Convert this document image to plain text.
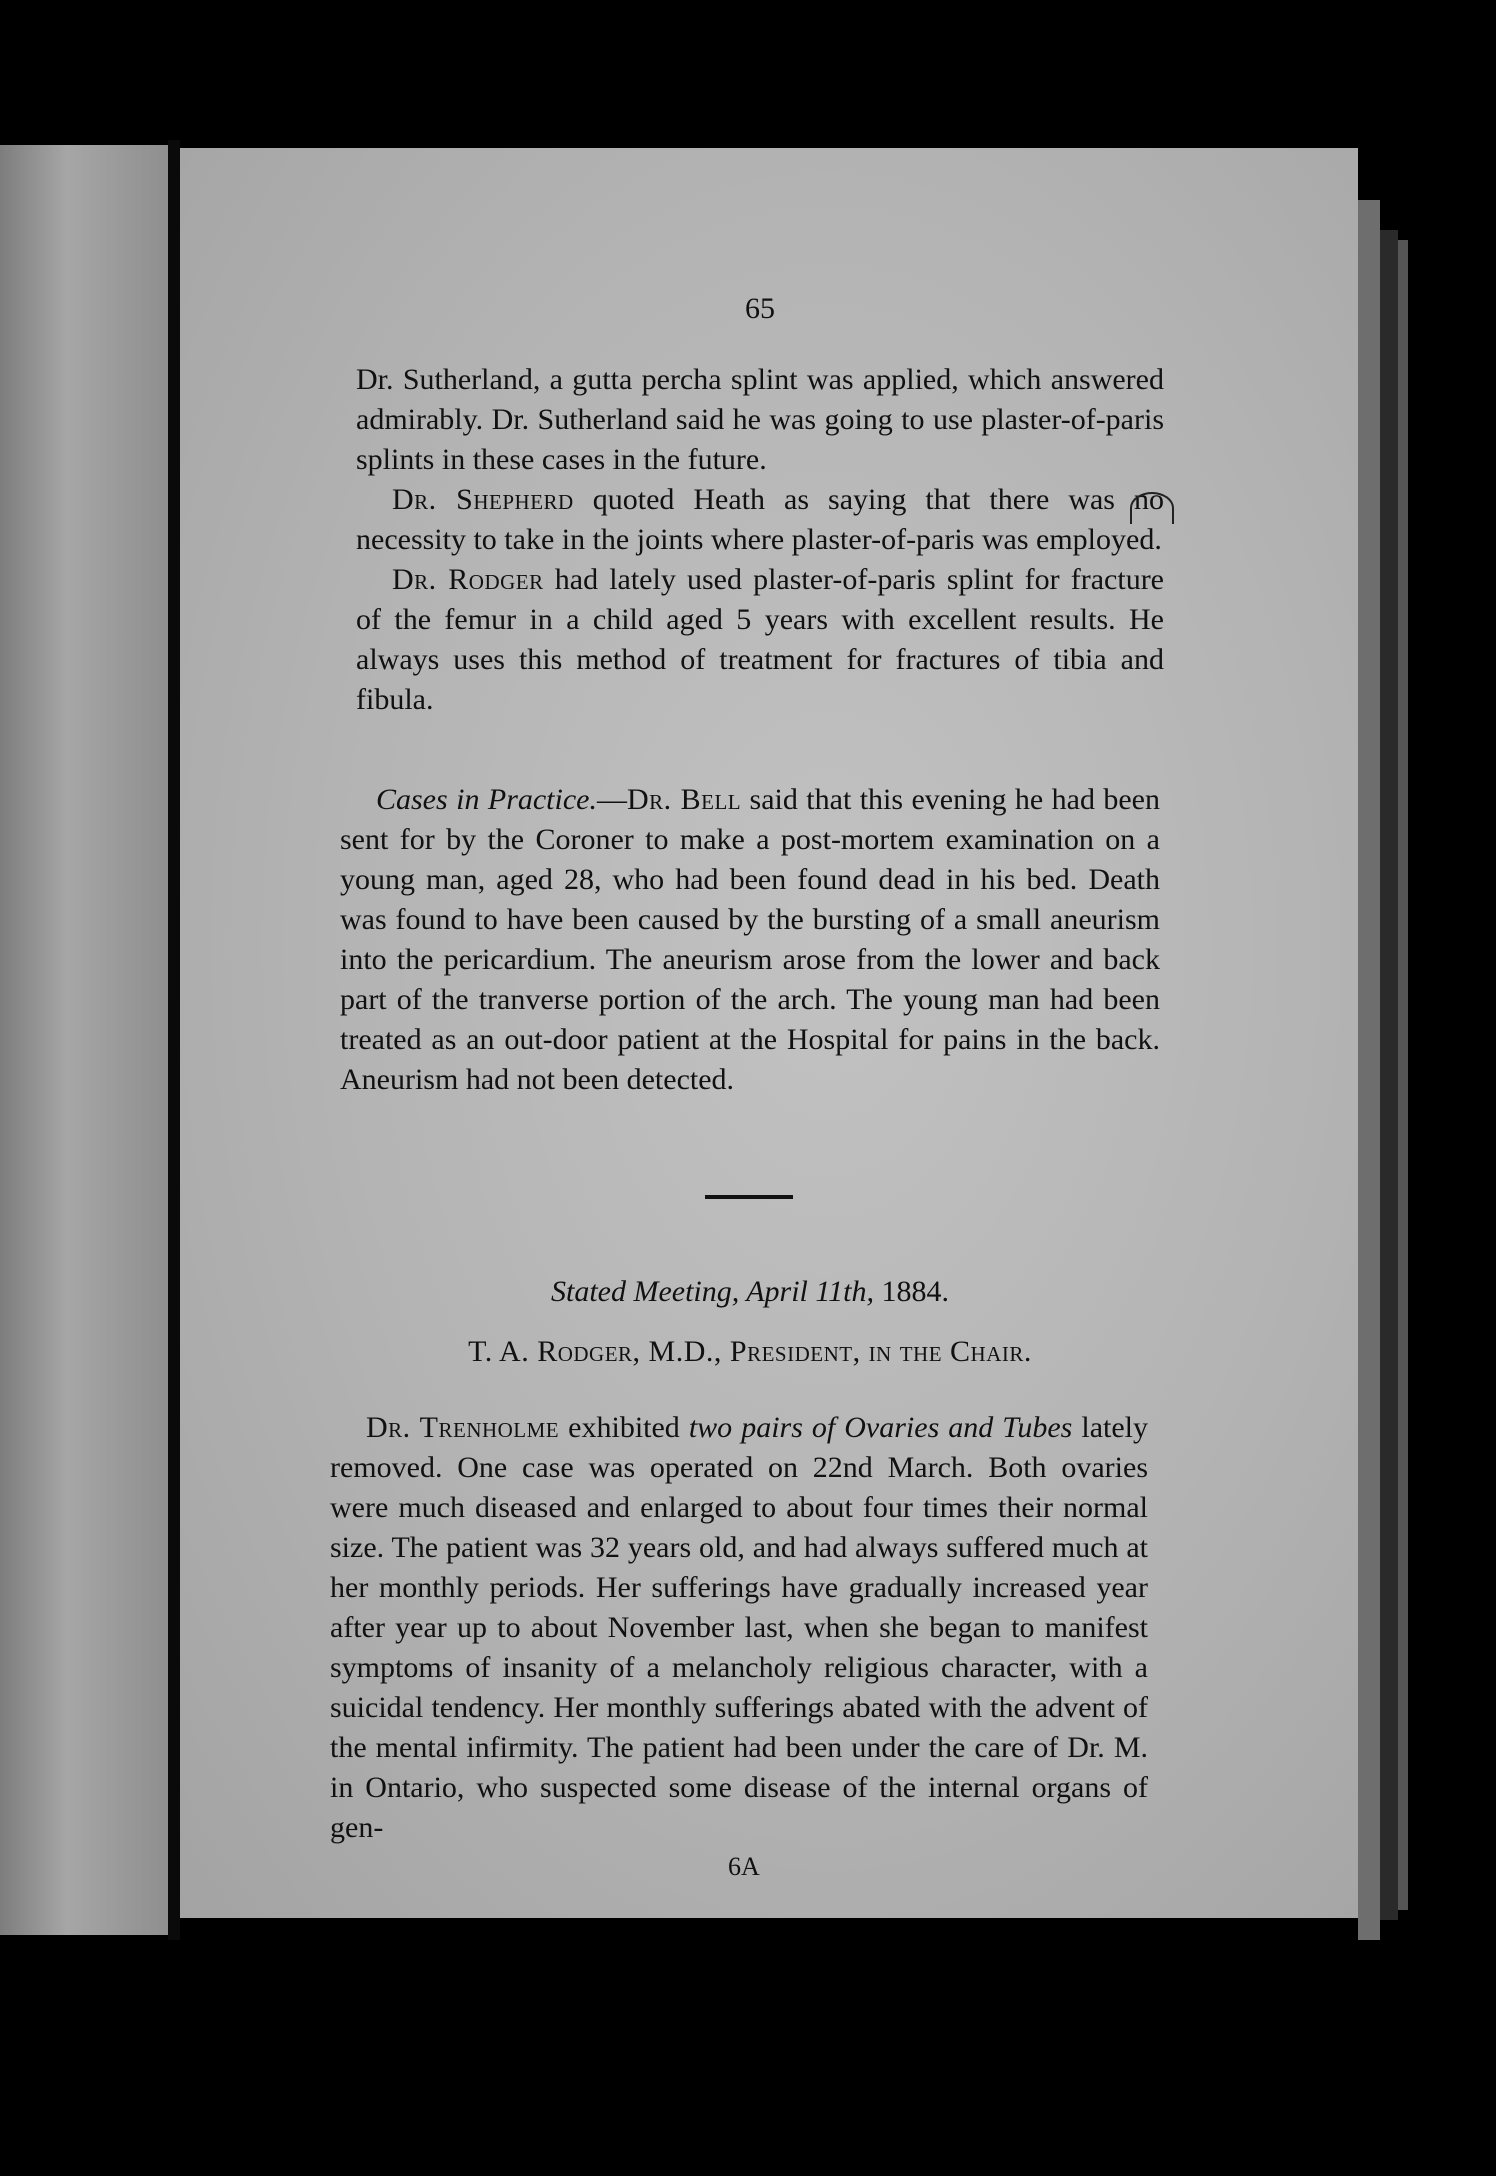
65

Dr. Sutherland, a gutta percha splint was applied, which answered admirably. Dr. Sutherland said he was going to use plaster-of-paris splints in these cases in the future.

Dr. Shepherd quoted Heath as saying that there was no necessity to take in the joints where plaster-of-paris was employed.

Dr. Rodger had lately used plaster-of-paris splint for fracture of the femur in a child aged 5 years with excellent results. He always uses this method of treatment for fractures of tibia and fibula.

Cases in Practice.—Dr. Bell said that this evening he had been sent for by the Coroner to make a post-mortem examination on a young man, aged 28, who had been found dead in his bed. Death was found to have been caused by the bursting of a small aneurism into the pericardium. The aneurism arose from the lower and back part of the tranverse portion of the arch. The young man had been treated as an out-door patient at the Hospital for pains in the back. Aneurism had not been detected.

Stated Meeting, April 11th, 1884.
T. A. Rodger, M.D., President, in the Chair.

Dr. Trenholme exhibited two pairs of Ovaries and Tubes lately removed. One case was operated on 22nd March. Both ovaries were much diseased and enlarged to about four times their normal size. The patient was 32 years old, and had always suffered much at her monthly periods. Her sufferings have gradually increased year after year up to about November last, when she began to manifest symptoms of insanity of a melancholy religious character, with a suicidal tendency. Her monthly sufferings abated with the advent of the mental infirmity. The patient had been under the care of Dr. M. in Ontario, who suspected some disease of the internal organs of gen-

6A
